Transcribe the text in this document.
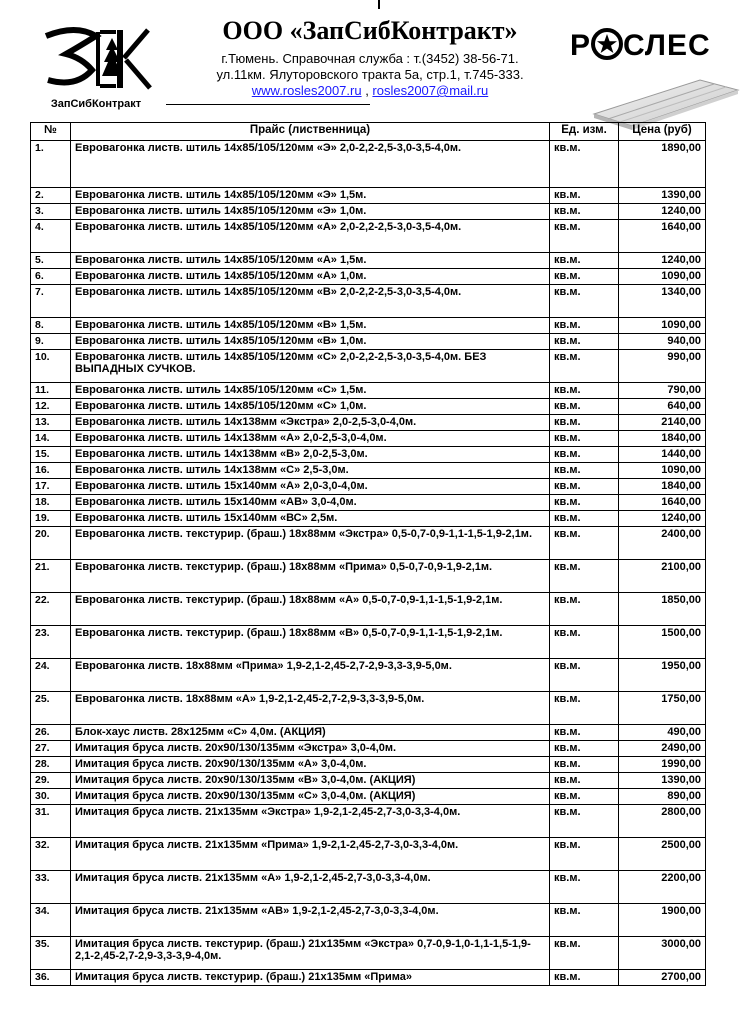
ЗапСибКонтракт
ООО «ЗапСибКонтракт»
г.Тюмень. Справочная служба : т.(3452) 38-56-71.
ул.11км. Ялуторовского тракта 5а, стр.1, т.745-333.
www.rosles2007.ru , rosles2007@mail.ru
Р СЛЕС
№	Прайс (лиственница)	Ед. изм.	Цена (руб)
1.	Евровагонка листв. штиль 14х85/105/120мм «Э» 2,0-2,2-2,5-3,0-3,5-4,0м.	кв.м.	1890,00
2.	Евровагонка листв. штиль 14х85/105/120мм «Э» 1,5м.	кв.м.	1390,00
3.	Евровагонка листв. штиль 14х85/105/120мм «Э» 1,0м.	кв.м.	1240,00
4.	Евровагонка листв. штиль 14х85/105/120мм «А» 2,0-2,2-2,5-3,0-3,5-4,0м.	кв.м.	1640,00
5.	Евровагонка листв. штиль 14х85/105/120мм «А» 1,5м.	кв.м.	1240,00
6.	Евровагонка листв. штиль 14х85/105/120мм «А» 1,0м.	кв.м.	1090,00
7.	Евровагонка листв. штиль 14х85/105/120мм «В» 2,0-2,2-2,5-3,0-3,5-4,0м.	кв.м.	1340,00
8.	Евровагонка листв. штиль 14х85/105/120мм «В» 1,5м.	кв.м.	1090,00
9.	Евровагонка листв. штиль 14х85/105/120мм «В» 1,0м.	кв.м.	940,00
10.	Евровагонка листв. штиль 14х85/105/120мм «С» 2,0-2,2-2,5-3,0-3,5-4,0м. БЕЗ ВЫПАДНЫХ СУЧКОВ.	кв.м.	990,00
11.	Евровагонка листв. штиль 14х85/105/120мм «С» 1,5м.	кв.м.	790,00
12.	Евровагонка листв. штиль 14х85/105/120мм «С» 1,0м.	кв.м.	640,00
13.	Евровагонка листв. штиль 14х138мм «Экстра» 2,0-2,5-3,0-4,0м.	кв.м.	2140,00
14.	Евровагонка листв. штиль 14х138мм «А» 2,0-2,5-3,0-4,0м.	кв.м.	1840,00
15.	Евровагонка листв. штиль 14х138мм «В» 2,0-2,5-3,0м.	кв.м.	1440,00
16.	Евровагонка листв. штиль 14х138мм «С» 2,5-3,0м.	кв.м.	1090,00
17.	Евровагонка листв. штиль 15х140мм «А» 2,0-3,0-4,0м.	кв.м.	1840,00
18.	Евровагонка листв. штиль 15х140мм «АВ» 3,0-4,0м.	кв.м.	1640,00
19.	Евровагонка листв. штиль 15х140мм «ВС» 2,5м.	кв.м.	1240,00
20.	Евровагонка листв. текстурир. (браш.) 18х88мм «Экстра» 0,5-0,7-0,9-1,1-1,5-1,9-2,1м.	кв.м.	2400,00
21.	Евровагонка листв. текстурир. (браш.) 18х88мм «Прима» 0,5-0,7-0,9-1,9-2,1м.	кв.м.	2100,00
22.	Евровагонка листв. текстурир. (браш.) 18х88мм «А» 0,5-0,7-0,9-1,1-1,5-1,9-2,1м.	кв.м.	1850,00
23.	Евровагонка листв. текстурир. (браш.) 18х88мм «В» 0,5-0,7-0,9-1,1-1,5-1,9-2,1м.	кв.м.	1500,00
24.	Евровагонка листв. 18х88мм «Прима» 1,9-2,1-2,45-2,7-2,9-3,3-3,9-5,0м.	кв.м.	1950,00
25.	Евровагонка листв. 18х88мм «А» 1,9-2,1-2,45-2,7-2,9-3,3-3,9-5,0м.	кв.м.	1750,00
26.	Блок-хаус листв. 28х125мм «С» 4,0м. (АКЦИЯ)	кв.м.	490,00
27.	Имитация бруса листв. 20х90/130/135мм «Экстра» 3,0-4,0м.	кв.м.	2490,00
28.	Имитация бруса листв. 20х90/130/135мм «А» 3,0-4,0м.	кв.м.	1990,00
29.	Имитация бруса листв. 20х90/130/135мм «В» 3,0-4,0м. (АКЦИЯ)	кв.м.	1390,00
30.	Имитация бруса листв. 20х90/130/135мм «С» 3,0-4,0м. (АКЦИЯ)	кв.м.	890,00
31.	Имитация бруса листв. 21х135мм «Экстра» 1,9-2,1-2,45-2,7-3,0-3,3-4,0м.	кв.м.	2800,00
32.	Имитация бруса листв. 21х135мм «Прима» 1,9-2,1-2,45-2,7-3,0-3,3-4,0м.	кв.м.	2500,00
33.	Имитация бруса листв. 21х135мм «А» 1,9-2,1-2,45-2,7-3,0-3,3-4,0м.	кв.м.	2200,00
34.	Имитация бруса листв. 21х135мм «АВ» 1,9-2,1-2,45-2,7-3,0-3,3-4,0м.	кв.м.	1900,00
35.	Имитация бруса листв. текстурир. (браш.) 21х135мм «Экстра» 0,7-0,9-1,0-1,1-1,5-1,9-2,1-2,45-2,7-2,9-3,3-3,9-4,0м.	кв.м.	3000,00
36.	Имитация бруса листв. текстурир. (браш.) 21х135мм «Прима»	кв.м.	2700,00
